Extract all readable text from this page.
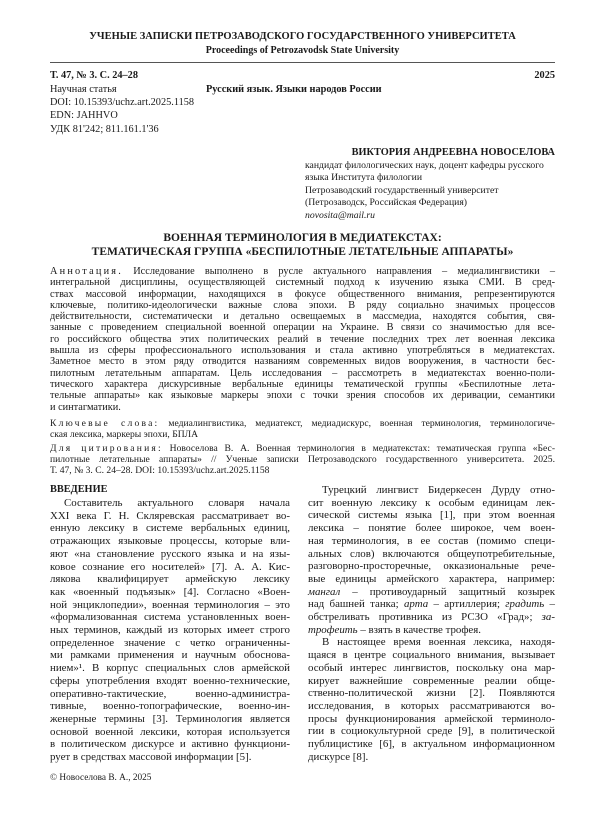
УЧЕНЫЕ ЗАПИСКИ ПЕТРОЗАВОДСКОГО ГОСУДАРСТВЕННОГО УНИВЕРСИТЕТА
Proceedings of Petrozavodsk State University
Т. 47, № 3. С. 24–28	2025
Научная статья	Русский язык. Языки народов России
DOI: 10.15393/uchz.art.2025.1158
EDN: JAHHVO
УДК 81'242; 811.161.1'36
ВИКТОРИЯ АНДРЕЕВНА НОВОСЕЛОВА
кандидат филологических наук, доцент кафедры русского
языка Института филологии
Петрозаводский государственный университет
(Петрозаводск, Российская Федерация)
novosita@mail.ru
ВОЕННАЯ ТЕРМИНОЛОГИЯ В МЕДИАТЕКСТАХ:
ТЕМАТИЧЕСКАЯ ГРУППА «БЕСПИЛОТНЫЕ ЛЕТАТЕЛЬНЫЕ АППАРАТЫ»
Аннотация. Исследование выполнено в русле актуального направления – медиалингвистики –
интегральной дисциплины, осуществляющей системный подход к изучению языка СМИ. В сред-
ствах массовой информации, находящихся в фокусе общественного внимания, репрезентируются
ключевые, политико-идеологически важные слова эпохи. В ряду социально значимых процессов
действительности, систематически и детально освещаемых в массмедиа, находятся события, свя-
занные с проведением специальной военной операции на Украине. В связи со значимостью для все-
го российского общества этих политических реалий в течение последних трех лет военная лексика
вышла из сферы профессионального использования и стала активно употребляться в медиатекстах.
Заметное место в этом ряду отводится названиям современных видов вооружения, в частности бес-
пилотным летательным аппаратам. Цель исследования – рассмотреть в медиатекстах военно-поли-
тического характера дискурсивные вербальные единицы тематической группы «Беспилотные лета-
тельные аппараты» как языковые маркеры эпохи с точки зрения способов их деривации, семантики
и синтагматики.
Ключевые слова: медиалингвистика, медиатекст, медиадискурс, военная терминология, терминологиче-
ская лексика, маркеры эпохи, БПЛА
Для цитирования: Новоселова В. А. Военная терминология в медиатекстах: тематическая группа «Бес-
пилотные летательные аппараты» // Ученые записки Петрозаводского государственного университета. 2025.
Т. 47, № 3. С. 24–28. DOI: 10.15393/uchz.art.2025.1158
ВВЕДЕНИЕ
Составитель актуального словаря начала
XXI века Г. Н. Скляревская рассматривает во-
енную лексику в системе вербальных единиц,
отражающих языковые процессы, которые вли-
яют «на становление русского языка и на язы-
ковое сознание его носителей» [7]. А. А. Кис-
лякова квалифицирует армейскую лексику
как «военный подъязык» [4]. Согласно «Воен-
ной энциклопедии», военная терминология – это
«формализованная система установленных воен-
ных терминов, каждый из которых имеет строго
определенное значение с четко ограниченны-
ми рамками применения и научным обоснова-
нием»¹. В корпус специальных слов армейской
сферы употребления входят военно-технические,
оперативно-тактические, военно-администра-
тивные, военно-топографические, военно-ин-
женерные термины [3]. Терминология является
основой военной лексики, которая используется
в политическом дискурсе и активно функциони-
рует в средствах массовой информации [5].
Турецкий лингвист Бидеркесен Дурду отно-
сит военную лексику к особым единицам лек-
сической системы языка [1], при этом военная
лексика – понятие более широкое, чем воен-
ная терминология, в ее состав (помимо специ-
альных слов) включаются общеупотребительные,
разговорно-просторечные, окказиональные рече-
вые единицы армейского характера, например:
мангал – противоударный защитный козырек
над башней танка; арта – артиллерия; градить –
обстреливать противника из РСЗО «Град»; за-
трофеить – взять в качестве трофея.
В настоящее время военная лексика, находя-
щаяся в центре социального внимания, вызывает
особый интерес лингвистов, поскольку она мар-
кирует важнейшие современные реалии обще-
ственно-политической жизни [2]. Появляются
исследования, в которых рассматриваются во-
просы функционирования армейской терминоло-
гии в социокультурной среде [9], в политической
публицистике [6], в актуальном информационном
дискурсе [8].
© Новоселова В. А., 2025
